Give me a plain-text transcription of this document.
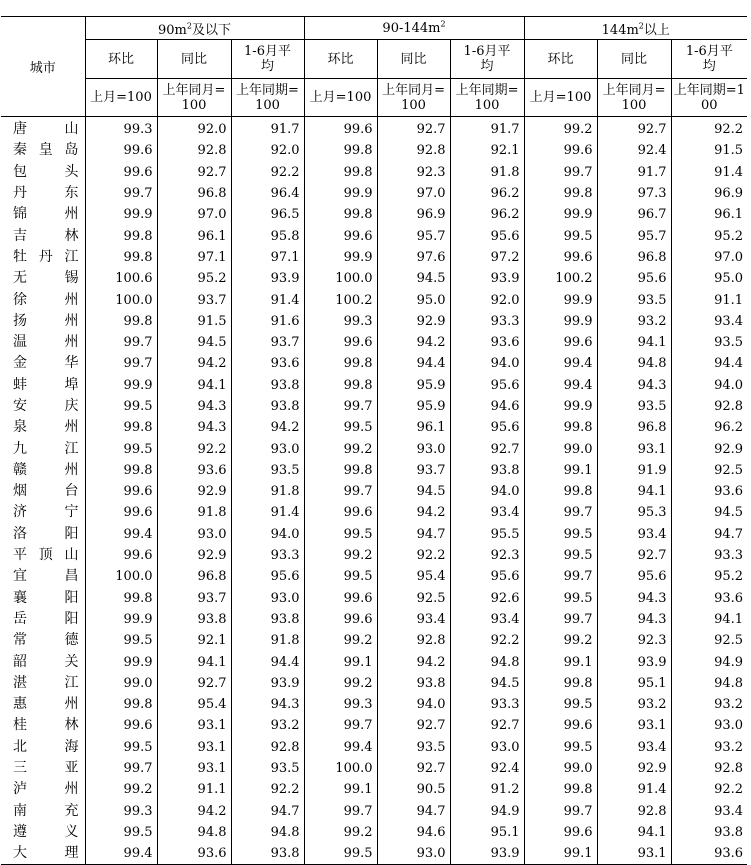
城市	$90m^2$及以下			$90-144m^2$			$144m^2$以上		
	环比	同比	1-6月平均	环比	同比	1-6月平均	环比	同比	1-6月平均
	上月=100	上年同月=100	上年同期=100	上月=100	上年同月=100	上年同期=100	上月=100	上年同月=100	上年同期=100
唐山	99.3	92.0	91.7	99.6	92.7	91.7	99.2	92.7	92.2
秦皇岛	99.6	92.8	92.0	99.8	92.8	92.1	99.6	92.4	91.5
包头	99.6	92.7	92.2	99.8	92.3	91.8	99.7	91.7	91.4
丹东	99.7	96.8	96.4	99.9	97.0	96.2	99.8	97.3	96.9
锦州	99.9	97.0	96.5	99.8	96.9	96.2	99.9	96.7	96.1
吉林	99.8	96.1	95.8	99.6	95.7	95.6	99.5	95.7	95.2
牡丹江	99.8	97.1	97.1	99.9	97.6	97.2	99.6	96.8	97.0
无锡	100.6	95.2	93.9	100.0	94.5	93.9	100.2	95.6	95.0
徐州	100.0	93.7	91.4	100.2	95.0	92.0	99.9	93.5	91.1
扬州	99.8	91.5	91.6	99.3	92.9	93.3	99.9	93.2	93.4
温州	99.7	94.5	93.7	99.6	94.2	93.6	99.6	94.1	93.5
金华	99.7	94.2	93.6	99.8	94.4	94.0	99.4	94.8	94.4
蚌埠	99.9	94.1	93.8	99.8	95.9	95.6	99.4	94.3	94.0
安庆	99.5	94.3	93.8	99.7	95.9	94.6	99.9	93.5	92.8
泉州	99.8	94.3	94.2	99.5	96.1	95.6	99.8	96.8	96.2
九江	99.5	92.2	93.0	99.2	93.0	92.7	99.0	93.1	92.9
赣州	99.8	93.6	93.5	99.8	93.7	93.8	99.1	91.9	92.5
烟台	99.6	92.9	91.8	99.7	94.5	94.0	99.8	94.1	93.6
济宁	99.6	91.8	91.4	99.6	94.2	93.4	99.7	95.3	94.5
洛阳	99.4	93.0	94.0	99.5	94.7	95.5	99.5	93.4	94.7
平顶山	99.6	92.9	93.3	99.2	92.2	92.3	99.5	92.7	93.3
宜昌	100.0	96.8	95.6	99.5	95.4	95.6	99.7	95.6	95.2
襄阳	99.8	93.7	93.0	99.6	92.5	92.6	99.5	94.3	93.6
岳阳	99.9	93.8	93.8	99.6	93.4	93.4	99.7	94.3	94.1
常德	99.5	92.1	91.8	99.2	92.8	92.2	99.2	92.3	92.5
韶关	99.9	94.1	94.4	99.1	94.2	94.8	99.1	93.9	94.9
湛江	99.0	92.7	93.9	99.2	93.8	94.5	99.8	95.1	94.8
惠州	99.8	95.4	94.3	99.3	94.0	93.3	99.5	93.2	93.2
桂林	99.6	93.1	93.2	99.7	92.7	92.7	99.6	93.1	93.0
北海	99.5	93.1	92.8	99.4	93.5	93.0	99.5	93.4	93.2
三亚	99.7	93.1	93.5	100.0	92.7	92.4	99.0	92.9	92.8
泸州	99.2	91.1	92.2	99.1	90.5	91.2	99.8	91.4	92.2
南充	99.3	94.2	94.7	99.7	94.7	94.9	99.7	92.8	93.4
遵义	99.5	94.8	94.8	99.2	94.6	95.1	99.6	94.1	93.8
大理	99.4	93.6	93.8	99.5	93.0	93.9	99.1	93.1	93.6
